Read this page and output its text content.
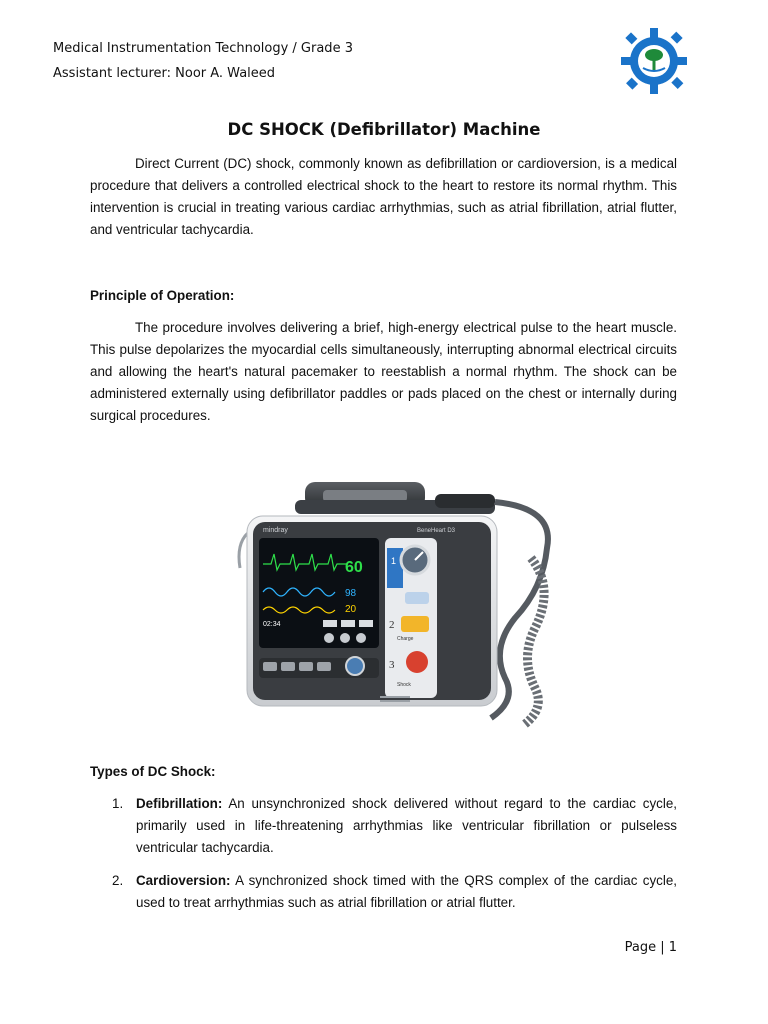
Medical Instrumentation Technology / Grade 3
Assistant lecturer: Noor A. Waleed
DC SHOCK (Defibrillator) Machine

Direct Current (DC) shock, commonly known as defibrillation or cardioversion, is a medical procedure that delivers a controlled electrical shock to the heart to restore its normal rhythm. This intervention is crucial in treating various cardiac arrhythmias, such as atrial fibrillation, atrial flutter, and ventricular tachycardia.

Principle of Operation:

The procedure involves delivering a brief, high-energy electrical pulse to the heart muscle. This pulse depolarizes the myocardial cells simultaneously, interrupting abnormal electrical circuits and allowing the heart's natural pacemaker to reestablish a normal rhythm. The shock can be administered externally using defibrillator paddles or pads placed on the chest or internally during surgical procedures.

mindray	BeneHeart D3
60
98
20
02:34
1
2
Charge
3
Shock
Types of DC Shock:
1. Defibrillation: An unsynchronized shock delivered without regard to the cardiac cycle, primarily used in life-threatening arrhythmias like ventricular fibrillation or pulseless ventricular tachycardia.
2. Cardioversion: A synchronized shock timed with the QRS complex of the cardiac cycle, used to treat arrhythmias such as atrial fibrillation or atrial flutter.
Page | 1
